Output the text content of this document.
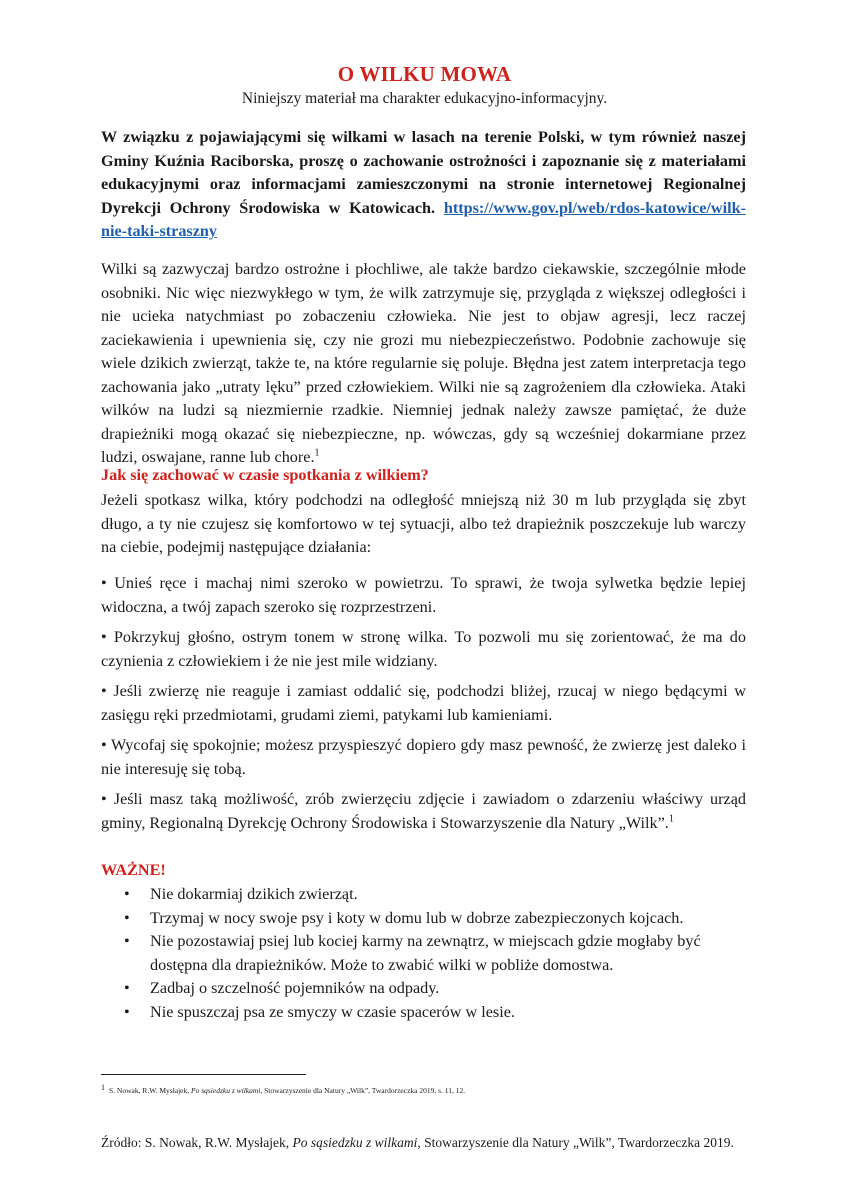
O WILKU MOWA
Niniejszy materiał ma charakter edukacyjno-informacyjny.
W związku z pojawiającymi się wilkami w lasach na terenie Polski, w tym również naszej Gminy Kuźnia Raciborska, proszę o zachowanie ostrożności i zapoznanie się z materiałami edukacyjnymi oraz informacjami zamieszczonymi na stronie internetowej Regionalnej Dyrekcji Ochrony Środowiska w Katowicach. https://www.gov.pl/web/rdos-katowice/wilk-nie-taki-straszny
Wilki są zazwyczaj bardzo ostrożne i płochliwe, ale także bardzo ciekawskie, szczególnie młode osobniki. Nic więc niezwykłego w tym, że wilk zatrzymuje się, przygląda z większej odległości i nie ucieka natychmiast po zobaczeniu człowieka. Nie jest to objaw agresji, lecz raczej zaciekawienia i upewnienia się, czy nie grozi mu niebezpieczeństwo. Podobnie zachowuje się wiele dzikich zwierząt, także te, na które regularnie się poluje. Błędna jest zatem interpretacja tego zachowania jako „utraty lęku” przed człowiekiem. Wilki nie są zagrożeniem dla człowieka. Ataki wilków na ludzi są niezmiernie rzadkie. Niemniej jednak należy zawsze pamiętać, że duże drapieżniki mogą okazać się niebezpieczne, np. wówczas, gdy są wcześniej dokarmiane przez ludzi, oswajane, ranne lub chore.$^1$
Jak się zachować w czasie spotkania z wilkiem?
Jeżeli spotkasz wilka, który podchodzi na odległość mniejszą niż 30 m lub przygląda się zbyt długo, a ty nie czujesz się komfortowo w tej sytuacji, albo też drapieżnik poszczekuje lub warczy na ciebie, podejmij następujące działania:
• Unieś ręce i machaj nimi szeroko w powietrzu. To sprawi, że twoja sylwetka będzie lepiej widoczna, a twój zapach szeroko się rozprzestrzeni.
• Pokrzykuj głośno, ostrym tonem w stronę wilka. To pozwoli mu się zorientować, że ma do czynienia z człowiekiem i że nie jest mile widziany.
• Jeśli zwierzę nie reaguje i zamiast oddalić się, podchodzi bliżej, rzucaj w niego będącymi w zasięgu ręki przedmiotami, grudami ziemi, patykami lub kamieniami.
• Wycofaj się spokojnie; możesz przyspieszyć dopiero gdy masz pewność, że zwierzę jest daleko i nie interesuję się tobą.
• Jeśli masz taką możliwość, zrób zwierzęciu zdjęcie i zawiadom o zdarzeniu właściwy urząd gminy, Regionalną Dyrekcję Ochrony Środowiska i Stowarzyszenie dla Natury „Wilk”.$^1$
WAŻNE!
• Nie dokarmiaj dzikich zwierząt.
• Trzymaj w nocy swoje psy i koty w domu lub w dobrze zabezpieczonych kojcach.
• Nie pozostawiaj psiej lub kociej karmy na zewnątrz, w miejscach gdzie mogłaby być dostępna dla drapieżników. Może to zwabić wilki w pobliże domostwa.
• Zadbaj o szczelność pojemników na odpady.
• Nie spuszczaj psa ze smyczy w czasie spacerów w lesie.
$^1$ S. Nowak, R.W. Mysłajek, Po sąsiedzku z wilkami, Stowarzyszenie dla Natury „Wilk”, Twardorzeczka 2019, s. 11, 12.
Źródło: S. Nowak, R.W. Mysłajek, Po sąsiedzku z wilkami, Stowarzyszenie dla Natury „Wilk”, Twardorzeczka 2019.
